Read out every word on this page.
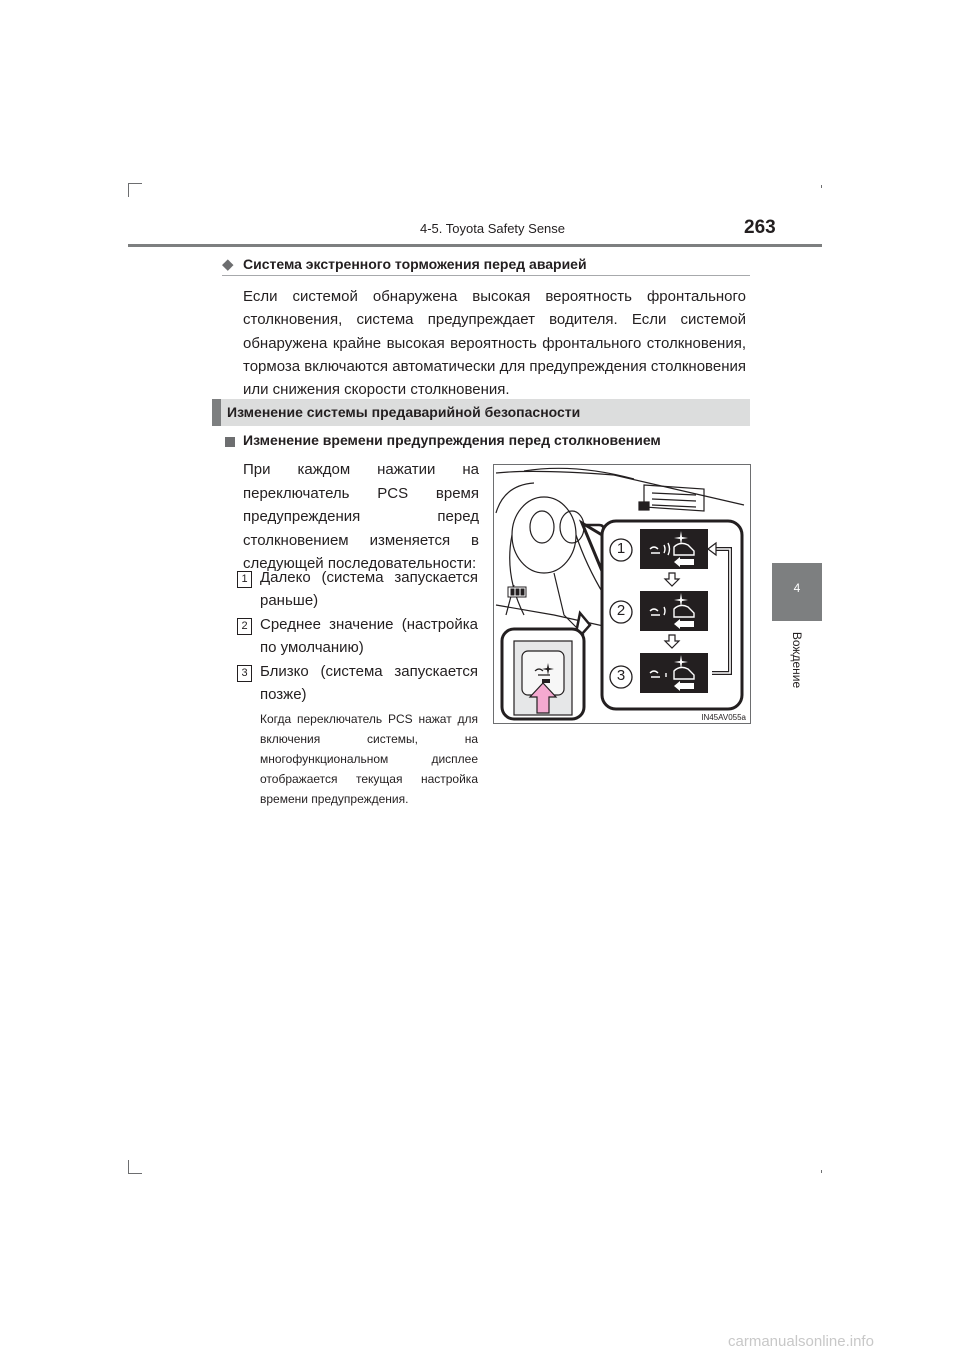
4-5. Toyota Safety Sense	263
4
Вождение
◆ Система экстренного торможения перед аварией
Если системой обнаружена высокая вероятность фронтального столкновения, система предупреждает водителя. Если системой обнаружена крайне высокая вероятность фронтального столкновения, тормоза включаются автоматически для предупреждения столкновения или снижения скорости столкновения.
Изменение системы предаварийной безопасности
Изменение времени предупреждения перед столкновением
При каждом нажатии на переключатель PCS время предупреждения перед столкновением изменяется в следующей последовательности:
1 Далеко (система запускается раньше)
2 Среднее значение (настройка по умолчанию)
3 Близко (система запускается позже)
Когда переключатель PCS нажат для включения системы, на многофункциональном дисплее отображается текущая настройка времени предупреждения.
1
2
3
IN45AV055a
carmanualsonline.info
